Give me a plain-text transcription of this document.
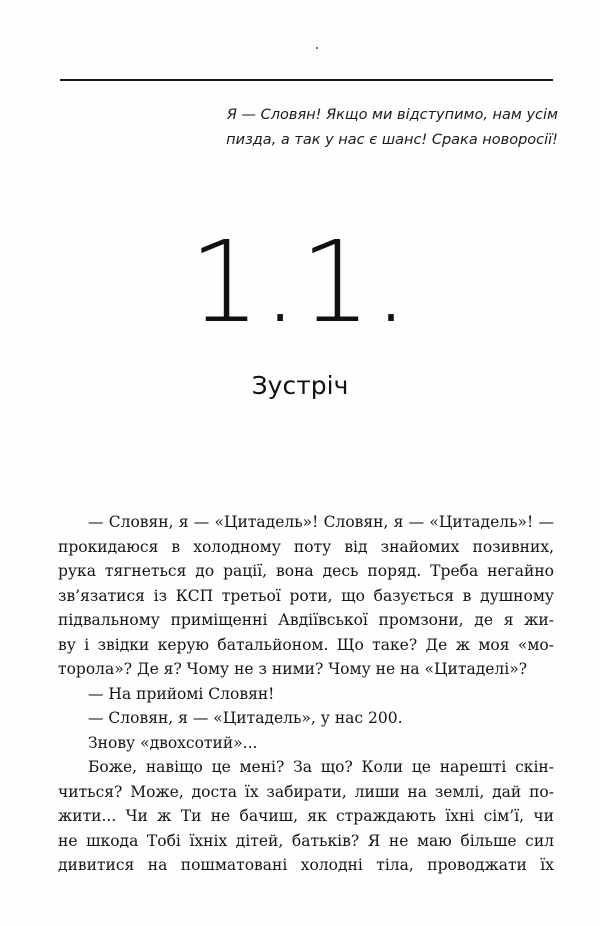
Я — Словян! Якщо ми відступимо, нам усім
пизда, а так у нас є шанс! Срака новоросії!
1.1.
Зустріч
— Словян, я — «Цитадель»! Словян, я — «Цитадель»! —
прокидаюся в холодному поту від знайомих позивних,
рука тягнеться до рації, вона десь поряд. Треба негайно
зв’язатися із КСП третьої роти, що базується в душному
підвальному приміщенні Авдіївської промзони, де я жи-
ву і звідки керую батальйоном. Що таке? Де ж моя «мо-
торола»? Де я? Чому не з ними? Чому не на «Цитаделі»?
— На прийомі Словян!
— Словян, я — «Цитадель», у нас 200.
Знову «двохсотий»...
Боже, навіщо це мені? За що? Коли це нарешті скін-
читься? Може, доста їх забирати, лиши на землі, дай по-
жити... Чи ж Ти не бачиш, як страждають їхні сім’ї, чи
не шкода Тобі їхніх дітей, батьків? Я не маю більше сил
дивитися на пошматовані холодні тіла, проводжати їх
